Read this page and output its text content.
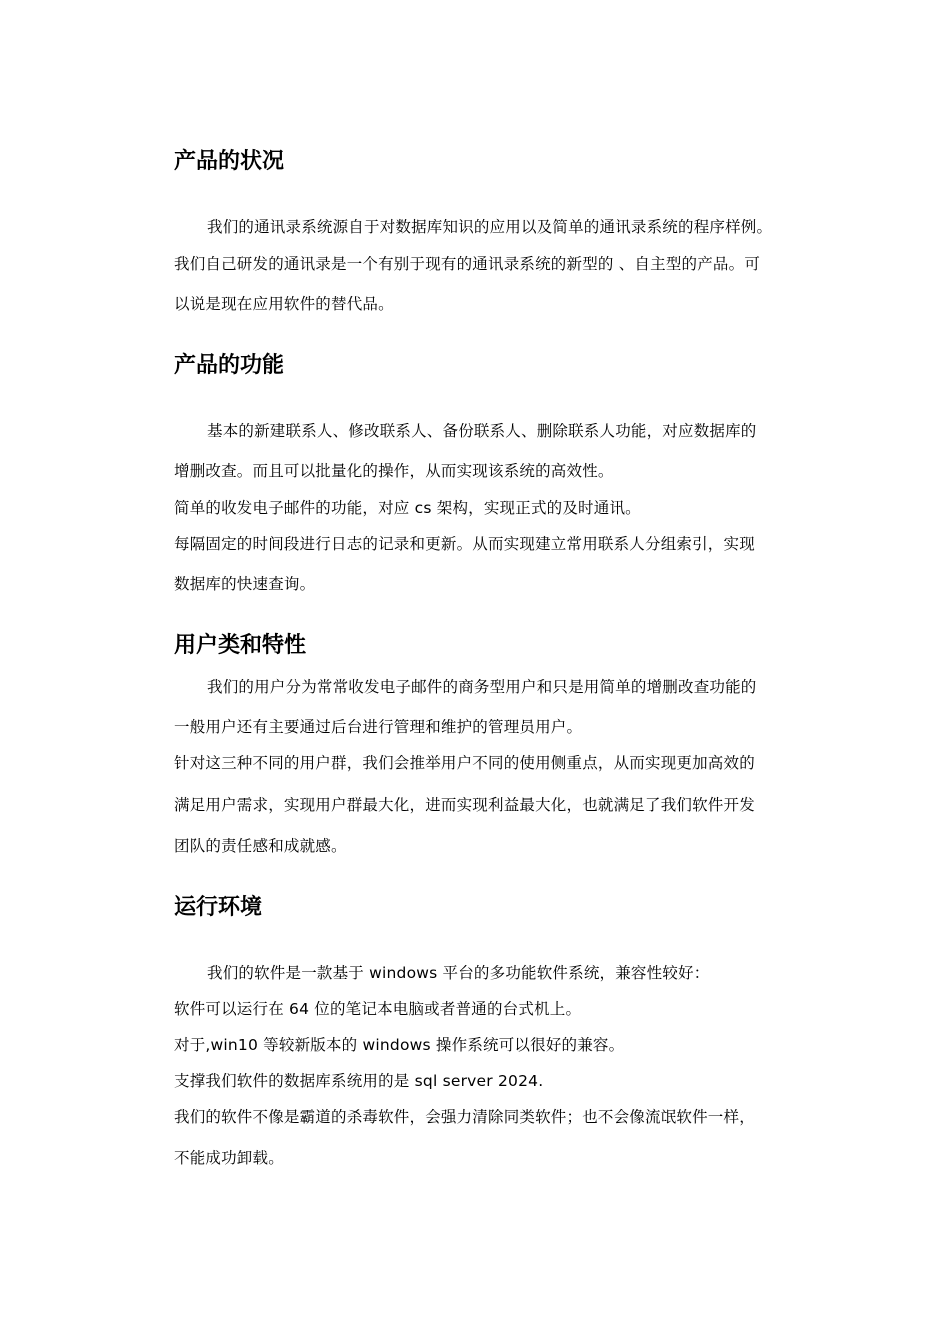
产品的状况

我们的通讯录系统源自于对数据库知识的应用以及简单的通讯录系统的程序样例。

我们自己研发的通讯录是一个有别于现有的通讯录系统的新型的 、自主型的产品。可

以说是现在应用软件的替代品。

产品的功能

基本的新建联系人、修改联系人、备份联系人、删除联系人功能，对应数据库的

增删改查。而且可以批量化的操作，从而实现该系统的高效性。

简单的收发电子邮件的功能，对应 cs 架构，实现正式的及时通讯。

每隔固定的时间段进行日志的记录和更新。从而实现建立常用联系人分组索引，实现

数据库的快速查询。

用户类和特性

我们的用户分为常常收发电子邮件的商务型用户和只是用简单的增删改查功能的

一般用户还有主要通过后台进行管理和维护的管理员用户。

针对这三种不同的用户群，我们会推举用户不同的使用侧重点，从而实现更加高效的

满足用户需求，实现用户群最大化，进而实现利益最大化，也就满足了我们软件开发

团队的责任感和成就感。

运行环境

我们的软件是一款基于 windows 平台的多功能软件系统，兼容性较好：

软件可以运行在 64 位的笔记本电脑或者普通的台式机上。

对于,win10 等较新版本的 windows 操作系统可以很好的兼容。

支撑我们软件的数据库系统用的是 sql server 2024.

我们的软件不像是霸道的杀毒软件，会强力清除同类软件；也不会像流氓软件一样，

不能成功卸载。
